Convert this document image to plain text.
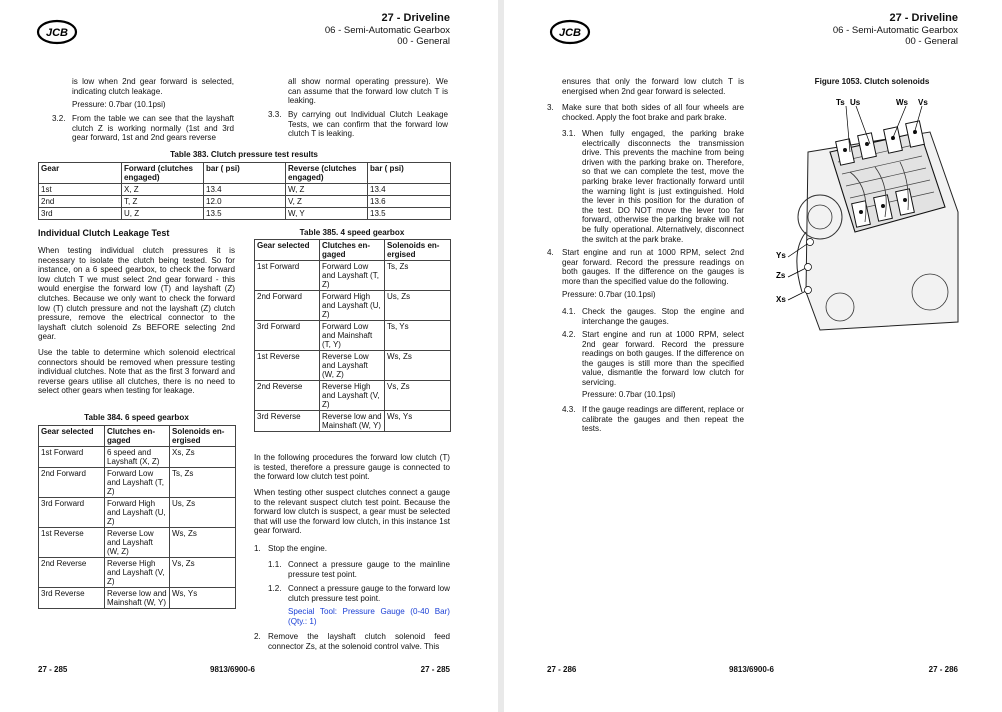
JCB
27 - Driveline
06 - Semi-Automatic Gearbox
00 - General

is low when 2nd gear forward is selected, indicating clutch leakage.

Pressure: 0.7bar (10.1psi)

3.2. From the table we can see that the layshaft clutch Z is working normally (1st and 3rd gear forward, 1st and 2nd gears reverse

all show normal operating pressure). We can assume that the forward low clutch T is leaking.

3.3. By carrying out Individual Clutch Leakage Tests, we can confirm that the forward low clutch T is leaking.

Table 383. Clutch pressure test results
Gear	Forward (clutches engaged)	bar ( psi)	Reverse (clutches engaged)	bar ( psi)
1st	X, Z	13.4	W, Z	13.4
2nd	T, Z	12.0	V, Z	13.6
3rd	U, Z	13.5	W, Y	13.5
Individual Clutch Leakage Test

When testing individual clutch pressures it is necessary to isolate the clutch being tested. So for instance, on a 6 speed gearbox, to check the forward low clutch T we must select 2nd gear forward - this would energise the forward low (T) and layshaft (Z) clutches. Because we only want to check the forward low (T) clutch pressure and not the layshaft (Z) clutch pressure, remove the electrical connector to the layshaft clutch solenoid Zs BEFORE selecting 2nd gear.

Use the table to determine which solenoid electrical connectors should be removed when pressure testing individual clutches. Note that as the first 3 forward and reverse gears utilise all clutches, there is no need to select other gears when testing for leakage.

Table 384. 6 speed gearbox
Gear selected	Clutches en- gaged	Solenoids en- ergised
1st Forward	6 speed and Layshaft (X, Z)	Xs, Zs
2nd Forward	Forward Low and Layshaft (T, Z)	Ts, Zs
3rd Forward	Forward High and Layshaft (U, Z)	Us, Zs
1st Reverse	Reverse Low and Layshaft (W, Z)	Ws, Zs
2nd Reverse	Reverse High and Layshaft (V, Z)	Vs, Zs
3rd Reverse	Reverse low and Mainshaft (W, Y)	Ws, Ys
Table 385. 4 speed gearbox
Gear selected	Clutches en- gaged	Solenoids en- ergised
1st Forward	Forward Low and Layshaft (T, Z)	Ts, Zs
2nd Forward	Forward High and Layshaft (U, Z)	Us, Zs
3rd Forward	Forward Low and Mainshaft (T, Y)	Ts, Ys
1st Reverse	Reverse Low and Layshaft (W, Z)	Ws, Zs
2nd Reverse	Reverse High and Layshaft (V, Z)	Vs, Zs
3rd Reverse	Reverse low and Mainshaft (W, Y)	Ws, Ys

In the following procedures the forward low clutch (T) is tested, therefore a pressure gauge is connected to the forward low clutch test point.

When testing other suspect clutches connect a gauge to the relevant suspect clutch test point. Because the forward low clutch is suspect, a gear must be selected that will use the forward low clutch, in this instance 1st gear forward.

1. Stop the engine.

1.1. Connect a pressure gauge to the mainline pressure test point.

1.2. Connect a pressure gauge to the forward low clutch pressure test point.

Special Tool: Pressure Gauge (0-40 Bar) (Qty.: 1)

2. Remove the layshaft clutch solenoid feed connector Zs, at the solenoid control valve. This

27 - 285	9813/6900-6	27 - 285
JCB
27 - Driveline
06 - Semi-Automatic Gearbox
00 - General

ensures that only the forward low clutch T is energised when 2nd gear forward is selected.

3. Make sure that both sides of all four wheels are chocked. Apply the foot brake and park brake.

3.1. When fully engaged, the parking brake electrically disconnects the transmission drive. This prevents the machine from being driven with the parking brake on. Therefore, so that we can complete the test, move the parking brake lever fractionally forward until the warning light is just extinguished. Hold the lever in this position for the duration of the test. DO NOT move the lever too far forward, otherwise the parking brake will not be fully operational. Alternatively, disconnect the switch at the park brake.

4. Start engine and run at 1000 RPM, select 2nd gear forward. Record the pressure readings on both gauges. If the difference on the gauges is more than the specified value do the following.

Pressure: 0.7bar (10.1psi)

4.1. Check the gauges. Stop the engine and interchange the gauges.

4.2. Start engine and run at 1000 RPM, select 2nd gear forward. Record the pressure readings on both gauges. If the difference on the gauges is still more than the specified value, dismantle the forward low clutch for servicing.

Pressure: 0.7bar (10.1psi)

4.3. If the gauge readings are different, replace or calibrate the gauges and then repeat the tests.

Figure 1053. Clutch solenoids
Ts Us	Ws Vs
Ys
Zs
Xs
27 - 286	9813/6900-6	27 - 286
